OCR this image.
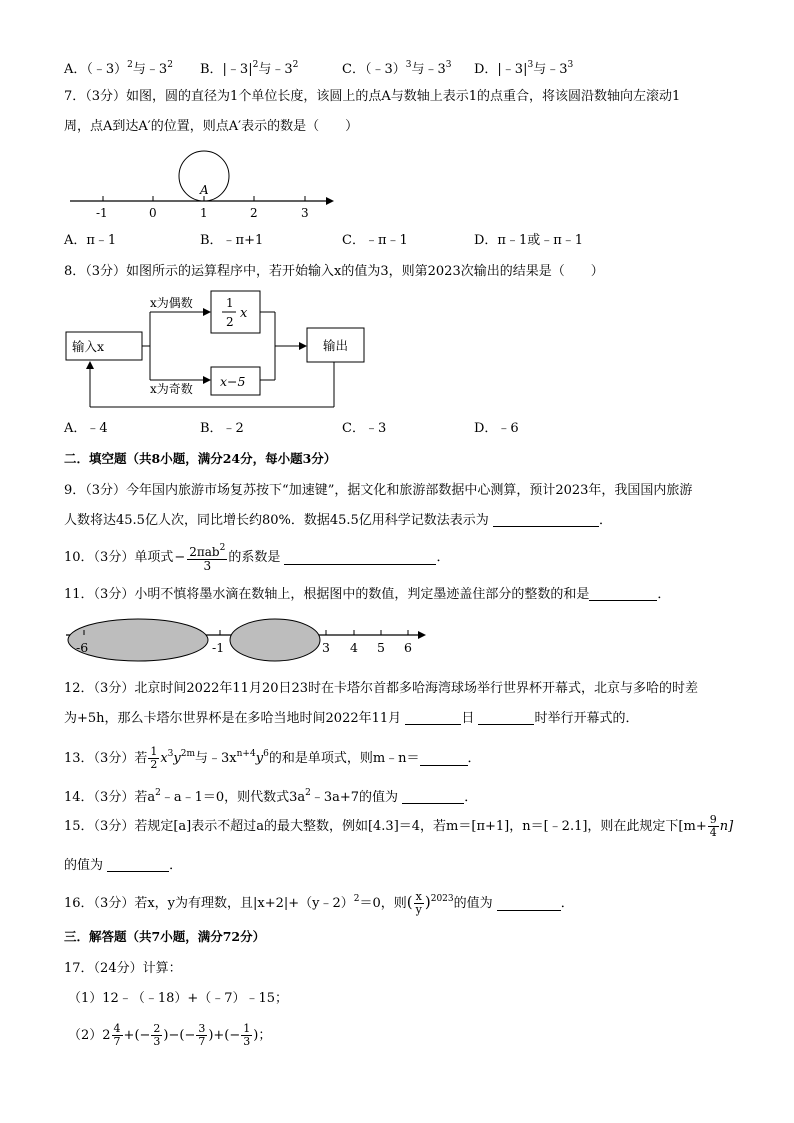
A．（﹣3）$^2$与$﹣3^2$ B．$|﹣3|^2$与$﹣3^2$	C．（﹣3）$^3$与$﹣3^3$ D．$|﹣3|^3$与$﹣3^3$
7．（3分）如图，圆的直径为1个单位长度，该圆上的点A与数轴上表示1的点重合，将该圆沿数轴向左滚动1
周，点A到达A′的位置，则点A′表示的数是（　　）
A
-1	0	1	2	3
输入x
x为偶数
x为奇数
1
2
x
x−5
输出
-6	-1	3 4 5 6
A．π﹣1	B．﹣π+1	C．﹣π﹣1	D．π﹣1或﹣π﹣1
8．（3分）如图所示的运算程序中，若开始输入x的值为3，则第2023次输出的结果是（　　）
A．﹣4	B．﹣2	C．﹣3	D．﹣6
二．填空题（共8小题，满分24分，每小题3分）
9．（3分）今年国内旅游市场复苏按下“加速键”，据文化和旅游部数据中心测算，预计2023年，我国国内旅游
人数将达45.5亿人次，同比增长约80%．数据45.5亿用科学记数法表示为	．
10．（3分）单项式− $\frac{2\pi ab^2}{3}$ 的系数是	．
11．（3分）小明不慎将墨水滴在数轴上，根据图中的数值，判定墨迹盖住部分的整数的和是	．
12．（3分）北京时间2022年11月20日23时在卡塔尔首都多哈海湾球场举行世界杯开幕式，北京与多哈的时差
为+5h，那么卡塔尔世界杯是在多哈当地时间2022年11月	日	时举行开幕式的．
13．（3分）若 $\frac{1}{2} x^3y^{2m}$与$﹣3x^{n+4}y^6$的和是单项式，则m﹣n＝	．
14．（3分）若$a^2﹣a﹣1=0$，则代数式$3a^2﹣3a+7$的值为	．
15．（3分）若规定[a]表示不超过a的最大整数，例如[4.3]＝4，若m＝[π+1]，n＝[﹣2.1]，则在此规定下$[m+ \frac{9}{4} n]$
的值为	．
16．（3分）若x，y为有理数，且|x+2|+（y﹣2）$^2$＝0，则( $\frac{x}{y} )^{2023}$的值为	．
三．解答题（共7小题，满分72分）
17．（24分）计算：
（1）12﹣（﹣18）+（﹣7）﹣15；
$(2)2 \frac{4}{7}$ +(− $\frac{2}{3}$ )−(− $\frac{3}{7}$ )+(− $\frac{1}{3}$ )；
